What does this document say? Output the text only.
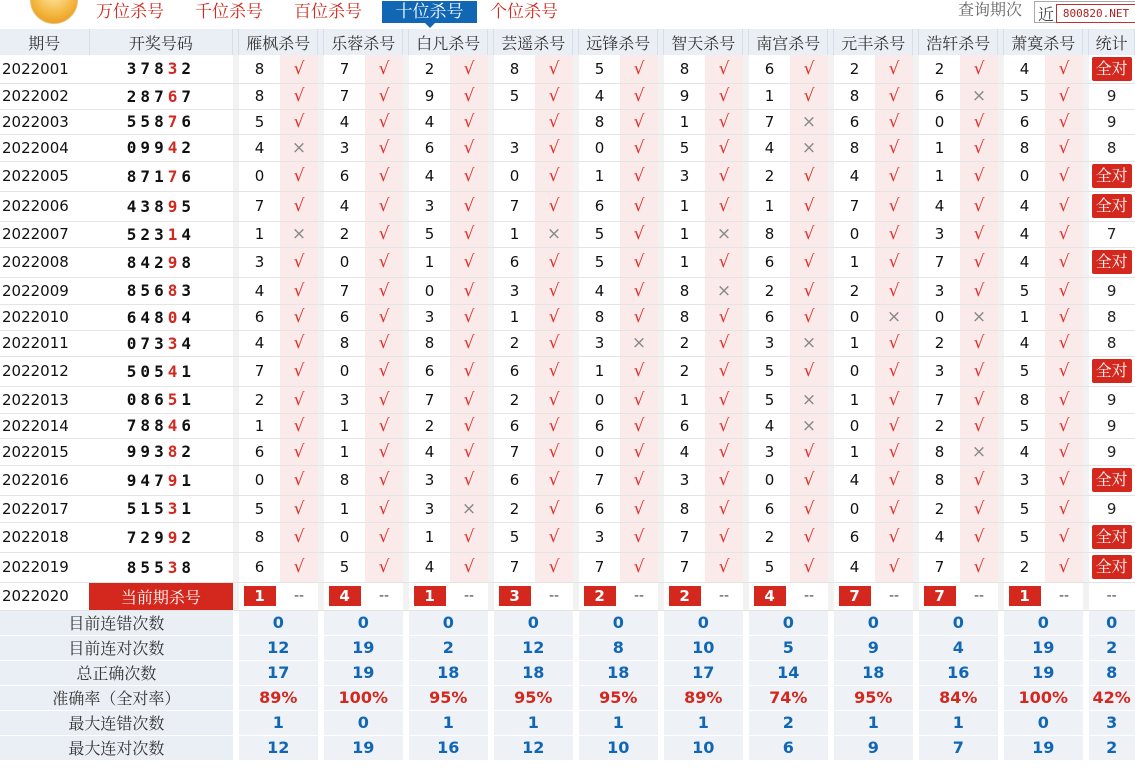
万位杀号	千位杀号	百位杀号	十位杀号	个位杀号	查询期次 近 800820.NET
期号	开奖号码		雁枫杀号			乐蓉杀号			白凡杀号			芸遥杀号			远锋杀号			智天杀号			南宫杀号			元丰杀号			浩轩杀号			萧寞杀号			统计
2022001	37832		8	√		7	√		2	√		8	√		5	√		8	√		6	√		2	√		2	√		4	√		全对
2022002	28767		8	√		7	√		9	√		5	√		4	√		9	√		1	√		8	√		6	×		5	√		9
2022003	55876		5	√		4	√		4	√			√		8	√		1	√		7	×		6	√		0	√		6	√		9
2022004	09942		4	×		3	√		6	√		3	√		0	√		5	√		4	×		8	√		1	√		8	√		8
2022005	87176		0	√		6	√		4	√		0	√		1	√		3	√		2	√		4	√		1	√		0	√		全对
2022006	43895		7	√		4	√		3	√		7	√		6	√		1	√		1	√		7	√		4	√		4	√		全对
2022007	52314		1	×		2	√		5	√		1	×		5	√		1	×		8	√		0	√		3	√		4	√		7
2022008	84298		3	√		0	√		1	√		6	√		5	√		1	√		6	√		1	√		7	√		4	√		全对
2022009	85683		4	√		7	√		0	√		3	√		4	√		8	×		2	√		2	√		3	√		5	√		9
2022010	64804		6	√		6	√		3	√		1	√		8	√		8	√		6	√		0	×		0	×		1	√		8
2022011	07334		4	√		8	√		8	√		2	√		3	×		2	√		3	×		1	√		2	√		4	√		8
2022012	50541		7	√		0	√		6	√		6	√		1	√		2	√		5	√		0	√		3	√		5	√		全对
2022013	08651		2	√		3	√		7	√		2	√		0	√		1	√		5	×		1	√		7	√		8	√		9
2022014	78846		1	√		1	√		2	√		6	√		6	√		6	√		4	×		0	√		2	√		5	√		9
2022015	99382		6	√		1	√		4	√		7	√		0	√		4	√		3	√		1	√		8	×		4	√		9
2022016	94791		0	√		8	√		3	√		6	√		7	√		3	√		0	√		4	√		8	√		3	√		全对
2022017	51531		5	√		1	√		3	×		2	√		6	√		8	√		6	√		0	√		2	√		5	√		9
2022018	72992		8	√		0	√		1	√		5	√		3	√		7	√		2	√		6	√		4	√		5	√		全对
2022019	85538		6	√		5	√		4	√		7	√		7	√		7	√		5	√		4	√		7	√		2	√		全对
2022020	当前期杀号		1	--		4	--		1	--		3	--		2	--		2	--		4	--		7	--		7	--		1	--		--
目前连错次数			0			0			0			0			0			0			0			0			0			0			0
目前连对次数			12			19			2			12			8			10			5			9			4			19			2
总正确次数			17			19			18			18			18			17			14			18			16			19			8
准确率（全对率）			89%			100%			95%			95%			95%			89%			74%			95%			84%			100%			42%
最大连错次数			1			0			1			1			1			1			2			1			1			0			3
最大连对次数			12			19			16			12			10			10			6			9			7			19			2
